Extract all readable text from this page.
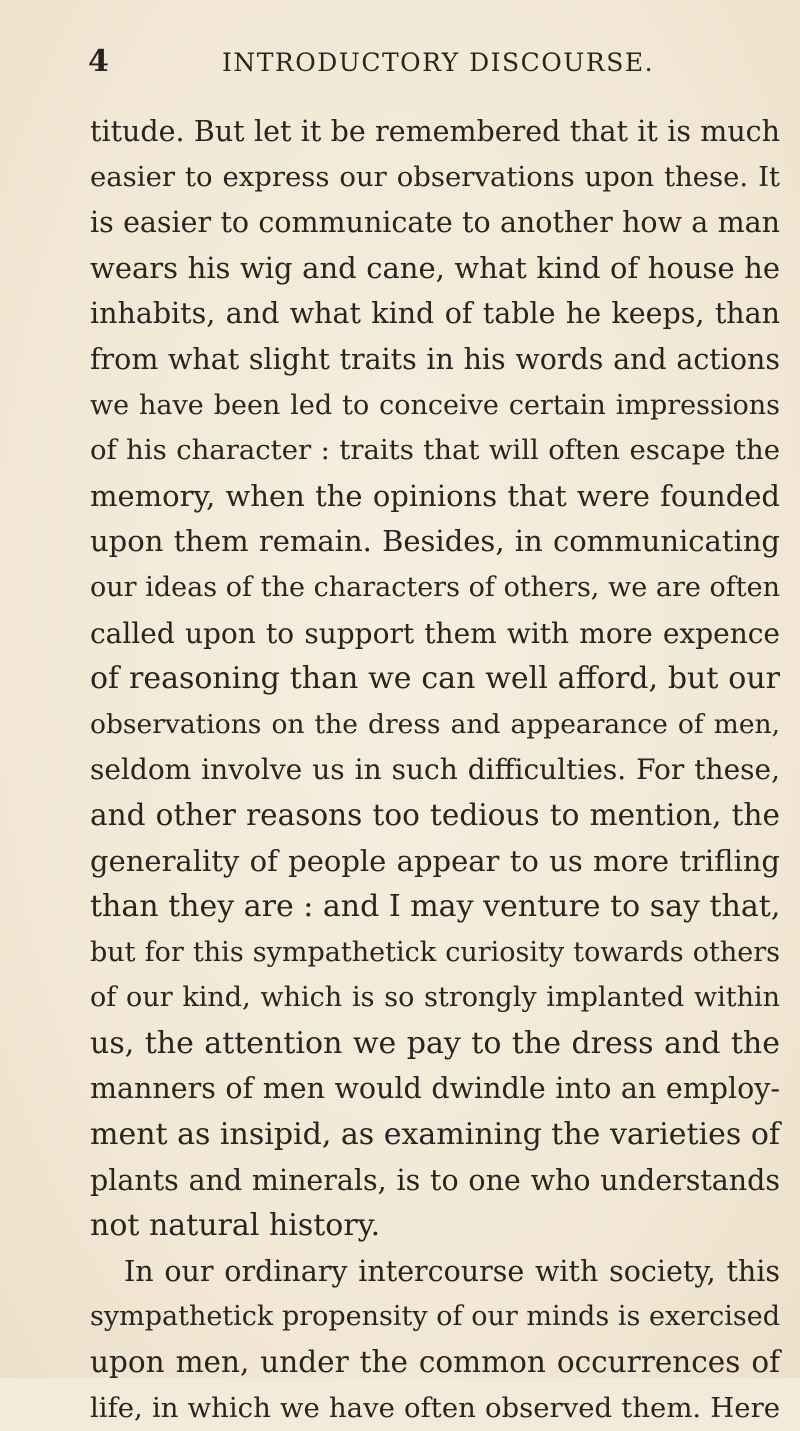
4	INTRODUCTORY DISCOURSE.
titude. But let it be remembered that it is much
easier to express our observations upon these. It
is easier to communicate to another how a man
wears his wig and cane, what kind of house he
inhabits, and what kind of table he keeps, than
from what slight traits in his words and actions
we have been led to conceive certain impressions
of his character : traits that will often escape the
memory, when the opinions that were founded
upon them remain. Besides, in communicating
our ideas of the characters of others, we are often
called upon to support them with more expence
of reasoning than we can well afford, but our
observations on the dress and appearance of men,
seldom involve us in such difficulties. For these,
and other reasons too tedious to mention, the
generality of people appear to us more trifling
than they are : and I may venture to say that,
but for this sympathetick curiosity towards others
of our kind, which is so strongly implanted within
us, the attention we pay to the dress and the
manners of men would dwindle into an employ-
ment as insipid, as examining the varieties of
plants and minerals, is to one who understands
not natural history.
In our ordinary intercourse with society, this
sympathetick propensity of our minds is exercised
upon men, under the common occurrences of
life, in which we have often observed them. Here
